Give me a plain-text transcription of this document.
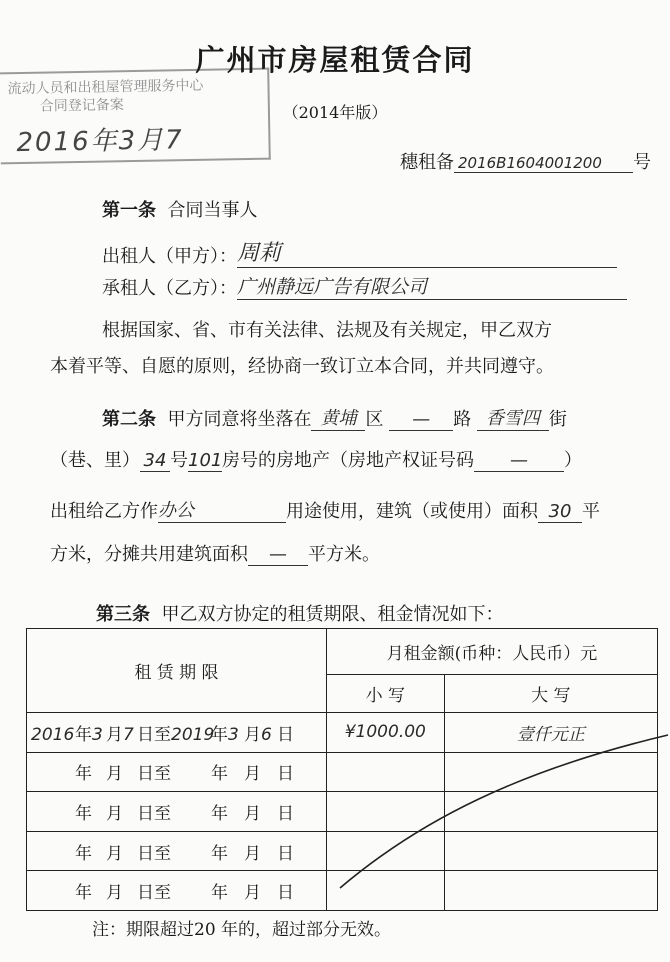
流动人员和出租屋管理服务中心
合同登记备案
2016年3月7
广州市房屋租赁合同
（2014年版）
穗租备 2016B1604001200 号
第一条 合同当事人
出租人（甲方）：周莉
承租人（乙方）：广州静远广告有限公司
根据国家、省、市有关法律、法规及有关规定，甲乙双方
本着平等、自愿的原则，经协商一致订立本合同，并共同遵守。
第二条 甲方同意将坐落在 黄埔 区 — 路 香雪四 街
（巷、里） 34 号101房号的房地产（房地产权证号码 — ）
出租给乙方作办公	用途使用，建筑（或使用）面积 30 平
方米，分摊共用建筑面积 — 平方米。
第三条 甲乙双方协定的租赁期限、租金情况如下：
租 赁 期 限	月租金额(币种：人民币）元	
	小 写	大 写
2016年3 月7 日至2019年3 月6 日	¥1000.00	壹仟元正
年 月 日至 年 月 日		
年 月 日至 年 月 日		
年 月 日至 年 月 日		
年 月 日至 年 月 日		
注：期限超过20 年的，超过部分无效。
